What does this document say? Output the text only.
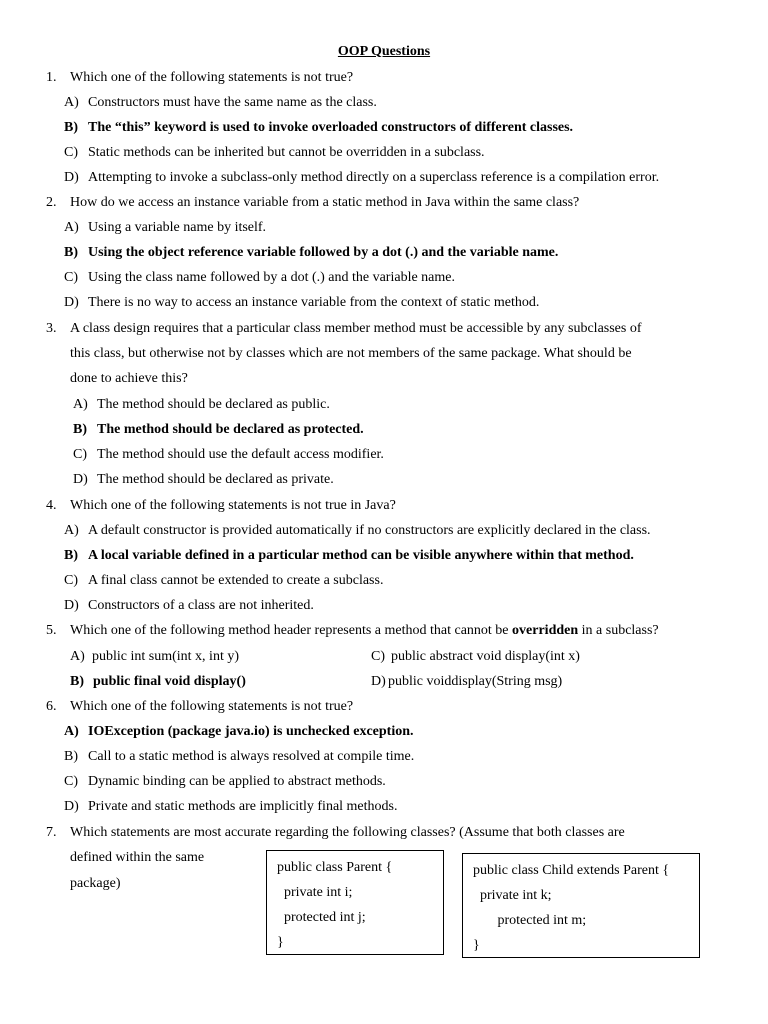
OOP Questions
1. Which one of the following statements is not true?
A) Constructors must have the same name as the class.
B) The “this” keyword is used to invoke overloaded constructors of different classes.
C) Static methods can be inherited but cannot be overridden in a subclass.
D) Attempting to invoke a subclass-only method directly on a superclass reference is a compilation error.
2. How do we access an instance variable from a static method in Java within the same class?
A) Using a variable name by itself.
B) Using the object reference variable followed by a dot (.) and the variable name.
C) Using the class name followed by a dot (.) and the variable name.
D) There is no way to access an instance variable from the context of static method.
3. A class design requires that a particular class member method must be accessible by any subclasses of
this class, but otherwise not by classes which are not members of the same package. What should be
done to achieve this?
A) The method should be declared as public.
B) The method should be declared as protected.
C) The method should use the default access modifier.
D) The method should be declared as private.
4. Which one of the following statements is not true in Java?
A) A default constructor is provided automatically if no constructors are explicitly declared in the class.
B) A local variable defined in a particular method can be visible anywhere within that method.
C) A final class cannot be extended to create a subclass.
D) Constructors of a class are not inherited.
5. Which one of the following method header represents a method that cannot be overridden in a subclass?
A) public int sum(int x, int y)	C) public abstract void display(int x)
B) public final void display()	D) public voiddisplay(String msg)
6. Which one of the following statements is not true?
A) IOException (package java.io) is unchecked exception.
B) Call to a static method is always resolved at compile time.
C) Dynamic binding can be applied to abstract methods.
D) Private and static methods are implicitly final methods.
7. Which statements are most accurate regarding the following classes? (Assume that both classes are
defined within the same
package)
public class Parent {
private int i;
protected int j;
}
public class Child extends Parent {
private int k;
protected int m;
}
